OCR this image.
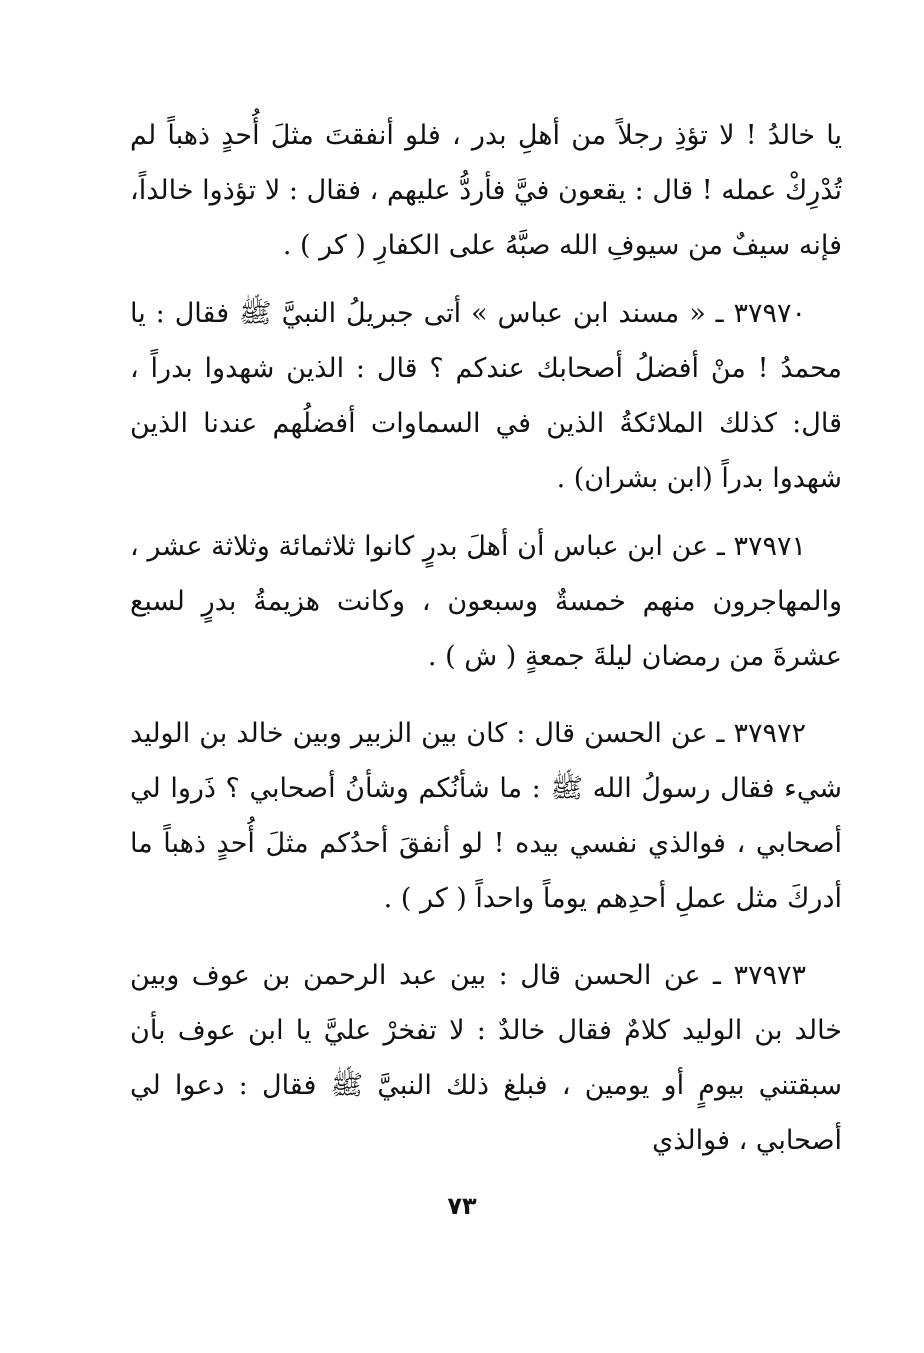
يا خالدُ ! لا تؤذِ رجلاً من أهلِ بدر ، فلو أنفقتَ مثلَ أُحدٍ ذهباً لم تُدْرِكْ عمله ! قال : يقعون فيَّ فأردُّ عليهم ، فقال : لا تؤذوا خالداً، فإنه سيفٌ من سيوفِ الله صبَّهُ على الكفارِ ( كر ) .

٣٧٩٧٠ ـ « مسند ابن عباس » أتى جبريلُ النبيَّ ﷺ فقال : يا محمدُ ! منْ أفضلُ أصحابك عندكم ؟ قال : الذين شهدوا بدراً ، قال: كذلك الملائكةُ الذين في السماوات أفضلُهم عندنا الذين شهدوا بدراً (ابن بشران) .

٣٧٩٧١ ـ عن ابن عباس أن أهلَ بدرٍ كانوا ثلاثمائة وثلاثة عشر ، والمهاجرون منهم خمسةٌ وسبعون ، وكانت هزيمةُ بدرٍ لسبع عشرةَ من رمضان ليلةَ جمعةٍ ( ش ) .

٣٧٩٧٢ ـ عن الحسن قال : كان بين الزبير وبين خالد بن الوليد شيء فقال رسولُ الله ﷺ : ما شأنُكم وشأنُ أصحابي ؟ ذَروا لي أصحابي ، فوالذي نفسي بيده ! لو أنفقَ أحدُكم مثلَ أُحدٍ ذهباً ما أدركَ مثل عملِ أحدِهم يوماً واحداً ( كر ) .

٣٧٩٧٣ ـ عن الحسن قال : بين عبد الرحمن بن عوف وبين خالد بن الوليد كلامٌ فقال خالدٌ : لا تفخرْ عليَّ يا ابن عوف بأن سبقتني بيومٍ أو يومين ، فبلغ ذلك النبيَّ ﷺ فقال : دعوا لي أصحابي ، فوالذي

٧٣
